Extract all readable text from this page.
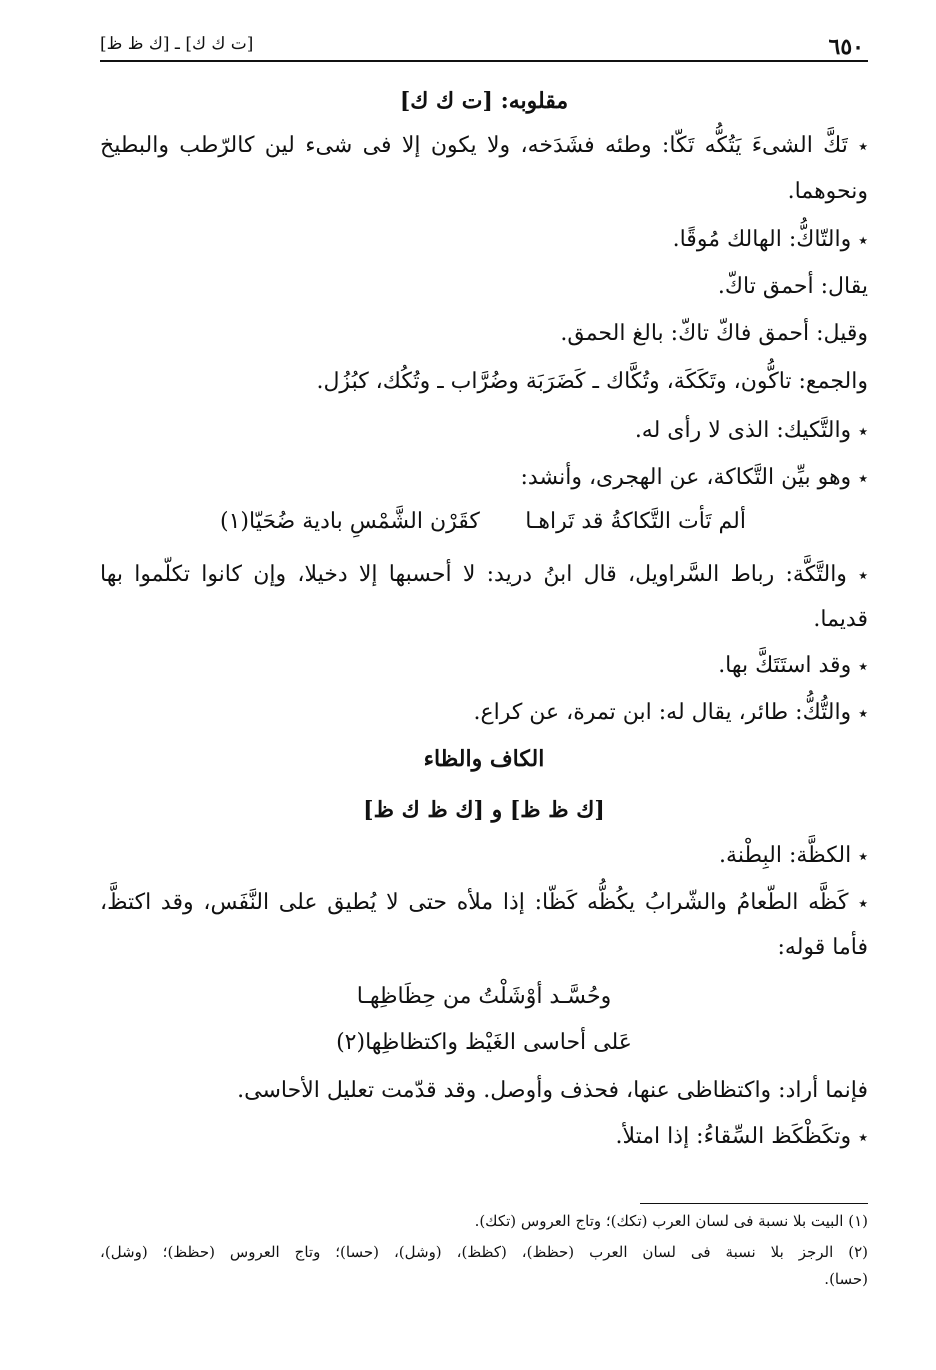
٦٥٠
[ت ك ك] ـ [ك ظ ظ]
مقلوبه: [ت ك ك]
٭ تَكَّ الشىءَ يَتُكُّه تَكّا: وطئه فشَدَخه، ولا يكون إلا فى شىء لين كالرّطب والبطيخ
ونحوهما.
٭ والتّاكُّ: الهالك مُوقًا.
يقال: أحمق تاكّ.
وقيل: أحمق فاكّ تاكّ: بالغ الحمق.
والجمع: تاكُّون، وتَكَكَة، وتُكَّاك ـ كَضَرَبَة وضُرَّاب ـ وتُكُك، كبُزُل.
٭ والتَّكيك: الذى لا رأى له.
٭ وهو بيِّن التَّكاكة، عن الهجرى، وأنشد:
ألم تَأت التَّكاكةُ قد تَراهـا
كقَرْن الشَّمْسِ بادية ضُحَيّا(١)
٭ والتَّكَّة: رباط السَّراويل، قال ابنُ دريد: لا أحسبها إلا دخيلا، وإن كانوا تكلّموا بها
قديما.
٭ وقد استَتَكَّ بها.
٭ والتُّكُّ: طائر، يقال له: ابن تمرة، عن كراع.
الكاف والظاء
[ك ظ ظ] و [ك ظ ك ظ]
٭ الكظَّة: البِطْنة.
٭ كَظَّه الطّعامُ والشّرابُ يكُظُّه كَظّا: إذا ملأه حتى لا يُطيق على النَّفَس، وقد اكتظَّ،
فأما قوله:
وحُسَّـد أوْشَلْتُ من حِظَاظِهـا
عَلى أحاسى الغَيْظ واكتظاظِها(٢)
فإنما أراد: واكتظاظى عنها، فحذف وأوصل. وقد قدّمت تعليل الأحاسى.
٭ وتكَظْكَظ السِّقاءُ: إذا امتلأ.
(١) البيت بلا نسبة فى لسان العرب (تكك)؛ وتاج العروس (تكك).
(٢) الرجز بلا نسبة فى لسان العرب (حظظ)، (كظظ)، (وشل)، (حسا)؛ وتاج العروس (حظظ)؛ (وشل)،
(حسا).
